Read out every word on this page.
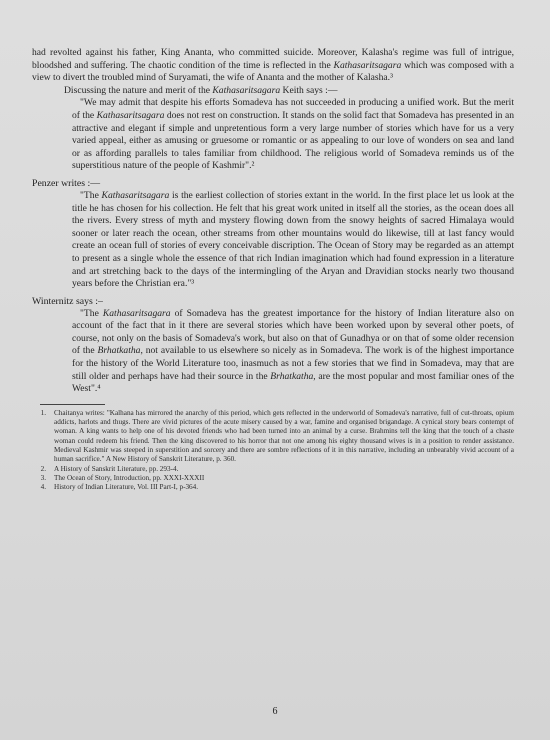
had revolted against his father, King Ananta, who committed suicide. Moreover, Kalasha's regime was full of intrigue, bloodshed and suffering. The chaotic condition of the time is reflected in the Kathasaritsagara which was composed with a view to divert the troubled mind of Suryamati, the wife of Ananta and the mother of Kalasha.³

Discussing the nature and merit of the Kathasaritsagara Keith says :—

"We may admit that despite his efforts Somadeva has not succeeded in producing a unified work. But the merit of the Kathasaritsagara does not rest on construction. It stands on the solid fact that Somadeva has presented in an attractive and elegant if simple and unpretentious form a very large number of stories which have for us a very varied appeal, either as amusing or gruesome or romantic or as appealing to our love of wonders on sea and land or as affording parallels to tales familiar from childhood. The religious world of Somadeva reminds us of the superstitious nature of the people of Kashmir".²

Penzer writes :—

"The Kathasaritsagara is the earliest collection of stories extant in the world. In the first place let us look at the title he has chosen for his collection. He felt that his great work united in itself all the stories, as the ocean does all the rivers. Every stress of myth and mystery flowing down from the snowy heights of sacred Himalaya would sooner or later reach the ocean, other streams from other mountains would do likewise, till at last fancy would create an ocean full of stories of every conceivable discription. The Ocean of Story may be regarded as an attempt to present as a single whole the essence of that rich Indian imagination which had found expression in a literature and art stretching back to the days of the intermingling of the Aryan and Dravidian stocks nearly two thousand years before the Christian era."³

Winternitz says :–

"The Kathasaritsagara of Somadeva has the greatest importance for the history of Indian literature also on account of the fact that in it there are several stories which have been worked upon by several other poets, of course, not only on the basis of Somadeva's work, but also on that of Gunadhya or on that of some older recension of the Brhatkatha, not available to us elsewhere so nicely as in Somadeva. The work is of the highest importance for the history of the World Literature too, inasmuch as not a few stories that we find in Somadeva, may that are still older and perhaps have had their source in the Brhatkatha, are the most popular and most familiar ones of the West".⁴

1.	Chaitanya writes: "Kalhana has mirrored the anarchy of this period, which gets reflected in the underworld of Somadeva's narrative, full of cut-throats, opium addicts, harlots and thugs. There are vivid pictures of the acute misery caused by a war, famine and organised brigandage. A cynical story bears contempt of woman. A king wants to help one of his devoted friends who had been turned into an animal by a curse. Brahmins tell the king that the touch of a chaste woman could redeem his friend. Then the king discovered to his horror that not one among his eighty thousand wives is in a position to render assistance. Medieval Kashmir was steeped in superstition and sorcery and there are sombre reflections of it in this narrative, including an unbearably vivid account of a human sacrifice." A New History of Sanskrit Literature, p. 360.
2.	A History of Sanskrit Literature, pp. 293-4.
3.	The Ocean of Story, Introduction, pp. XXXI-XXXII
4.	History of Indian Literature, Vol. III Part-I, p-364.
6
